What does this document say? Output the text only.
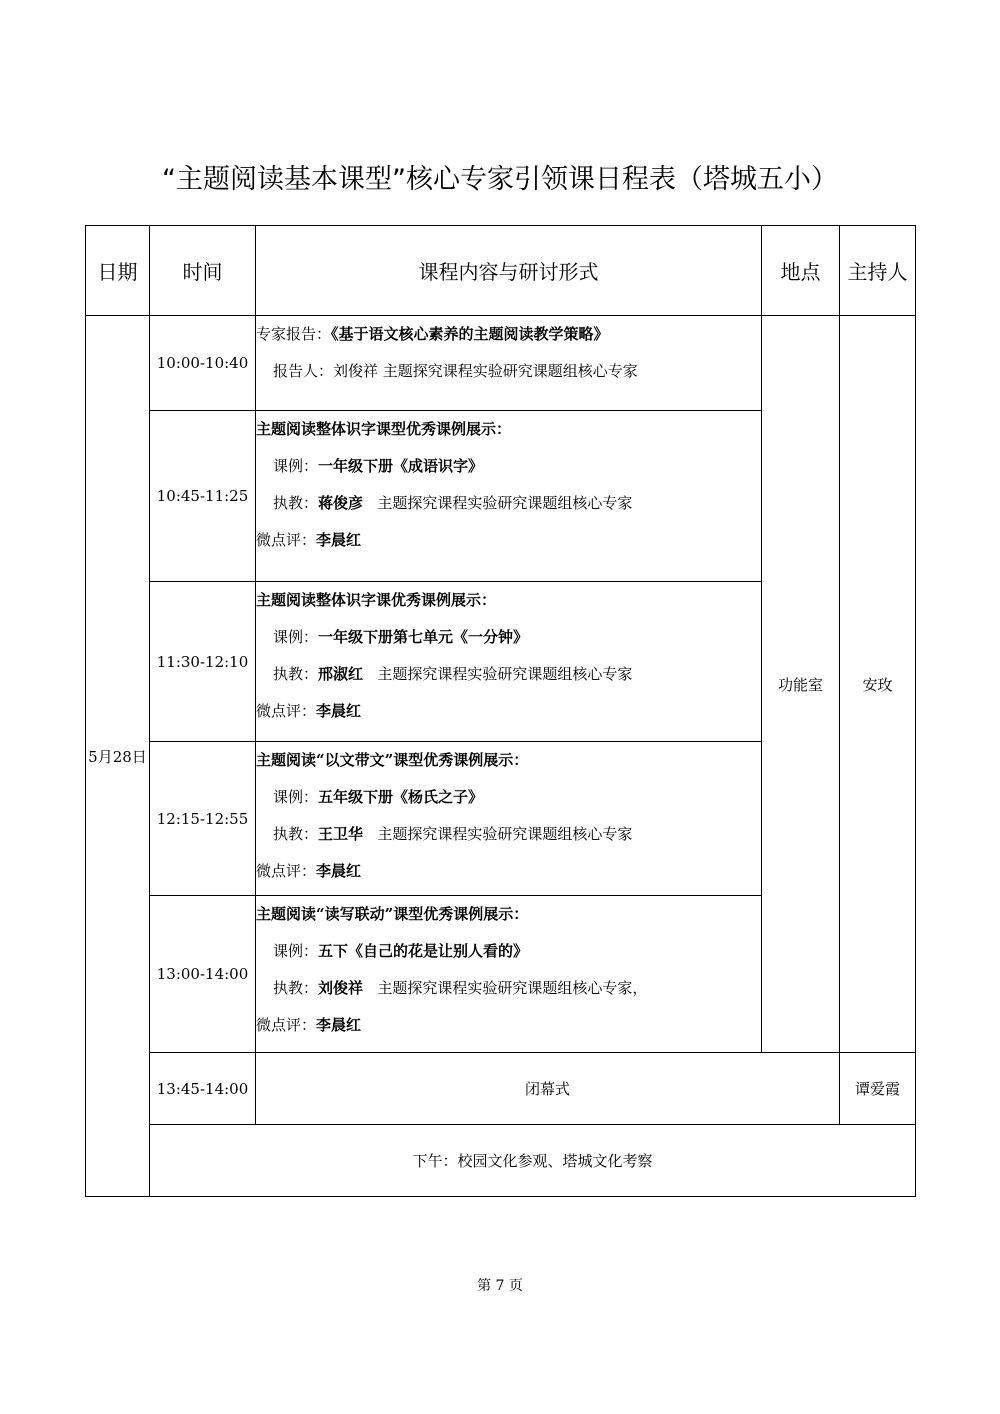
“主题阅读基本课型”核心专家引领课日程表（塔城五小）
日期	时间	课程内容与研讨形式	地点	主持人
5月28日	10:00-10:40	专家报告：《基于语文核心素养的主题阅读教学策略》
报告人：刘俊祥 主题探究课程实验研究课题组核心专家	功能室	安玫
	10:45-11:25	主题阅读整体识字课型优秀课例展示：
课例：一年级下册《成语识字》
执教：蒋俊彦 主题探究课程实验研究课题组核心专家
微点评：李晨红		

	11:30-12:10	主题阅读整体识字课优秀课例展示：
课例：一年级下册第七单元《一分钟》
执教：邢淑红 主题探究课程实验研究课题组核心专家
微点评：李晨红		

	12:15-12:55	主题阅读“以文带文”课型优秀课例展示：
课例：五年级下册《杨氏之子》
执教：王卫华 主题探究课程实验研究课题组核心专家
微点评：李晨红		

	13:00-14:00	主题阅读“读写联动”课型优秀课例展示：
课例：五下《自己的花是让别人看的》
执教：刘俊祥 主题探究课程实验研究课题组核心专家，
微点评：李晨红		

	13:45-14:00	闭幕式		谭爱霞
	下午：校园文化参观、塔城文化考察			
第 7 页
